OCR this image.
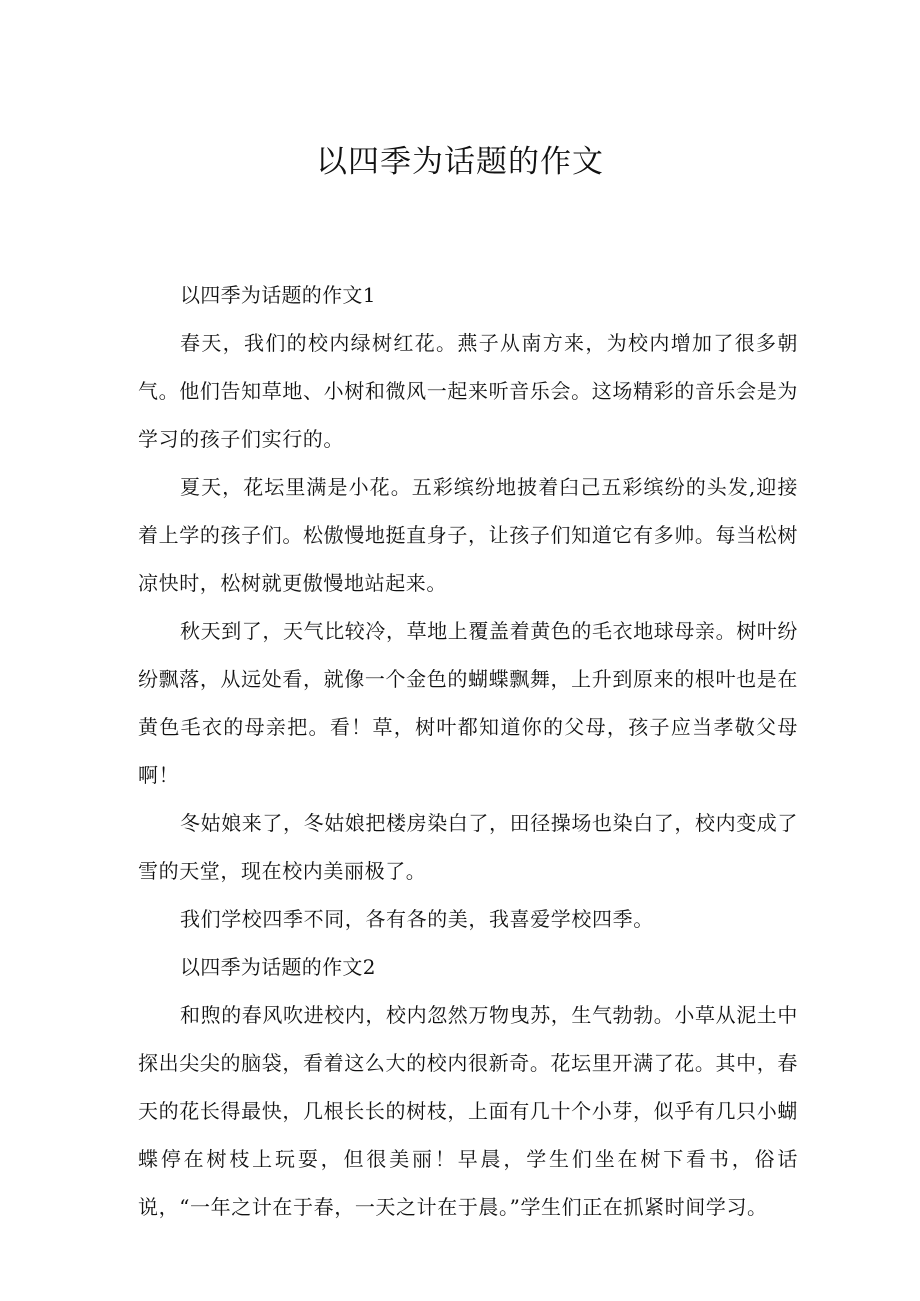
以四季为话题的作文

以四季为话题的作文1

春天，我们的校内绿树红花。燕子从南方来，为校内增加了很多朝气。他们告知草地、小树和微风一起来听音乐会。这场精彩的音乐会是为学习的孩子们实行的。

夏天，花坛里满是小花。五彩缤纷地披着臼己五彩缤纷的头发,迎接着上学的孩子们。松傲慢地挺直身子，让孩子们知道它有多帅。每当松树凉快时，松树就更傲慢地站起来。

秋天到了，天气比较冷，草地上覆盖着黄色的毛衣地球母亲。树叶纷纷飘落，从远处看，就像一个金色的蝴蝶飘舞，上升到原来的根叶也是在黄色毛衣的母亲把。看！草，树叶都知道你的父母，孩子应当孝敬父母啊！

冬姑娘来了，冬姑娘把楼房染白了，田径操场也染白了，校内变成了雪的天堂，现在校内美丽极了。

我们学校四季不同，各有各的美，我喜爱学校四季。

以四季为话题的作文2

和煦的春风吹进校内，校内忽然万物曳苏，生气勃勃。小草从泥土中探出尖尖的脑袋，看着这么大的校内很新奇。花坛里开满了花。其中，春天的花长得最快，几根长长的树枝，上面有几十个小芽，似乎有几只小蝴蝶停在树枝上玩耍，但很美丽！早晨，学生们坐在树下看书，俗话说，“一年之计在于春，一天之计在于晨。”学生们正在抓紧时间学习。
